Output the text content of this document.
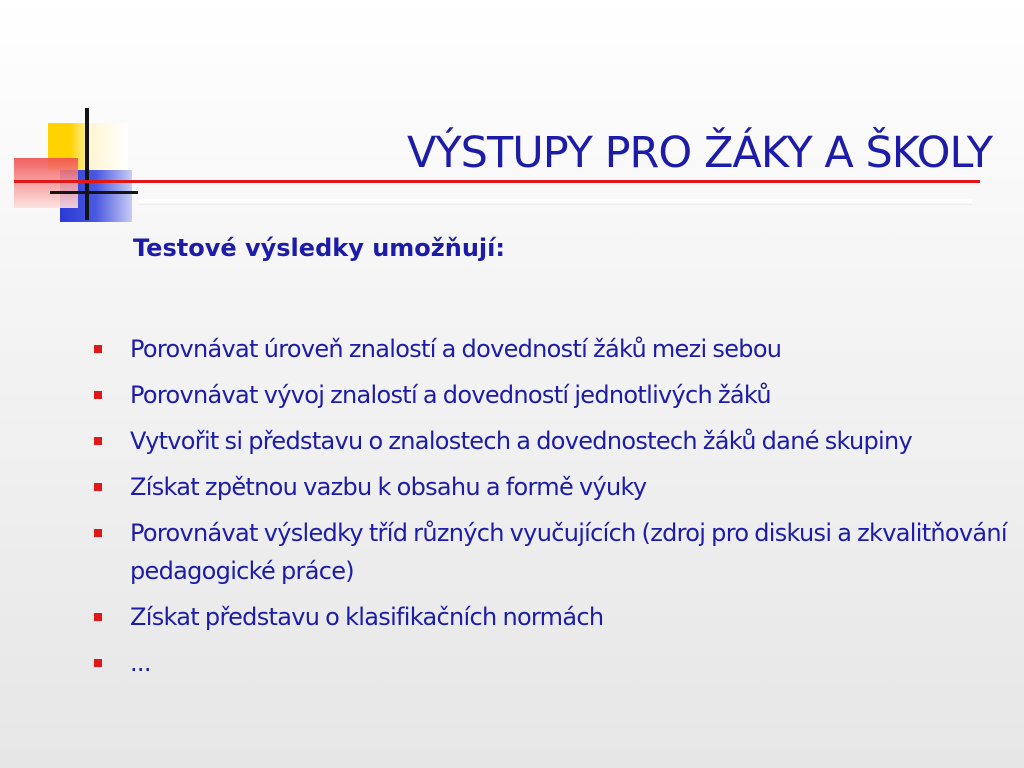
VÝSTUPY PRO ŽÁKY A ŠKOLY
Testové výsledky umožňují:
Porovnávat úroveň znalostí a dovedností žáků mezi sebou
Porovnávat vývoj znalostí a dovedností jednotlivých žáků
Vytvořit si představu o znalostech a dovednostech žáků dané skupiny
Získat zpětnou vazbu k obsahu a formě výuky
Porovnávat výsledky tříd různých vyučujících (zdroj pro diskusi a zkvalitňování pedagogické práce)
Získat představu o klasifikačních normách
...
